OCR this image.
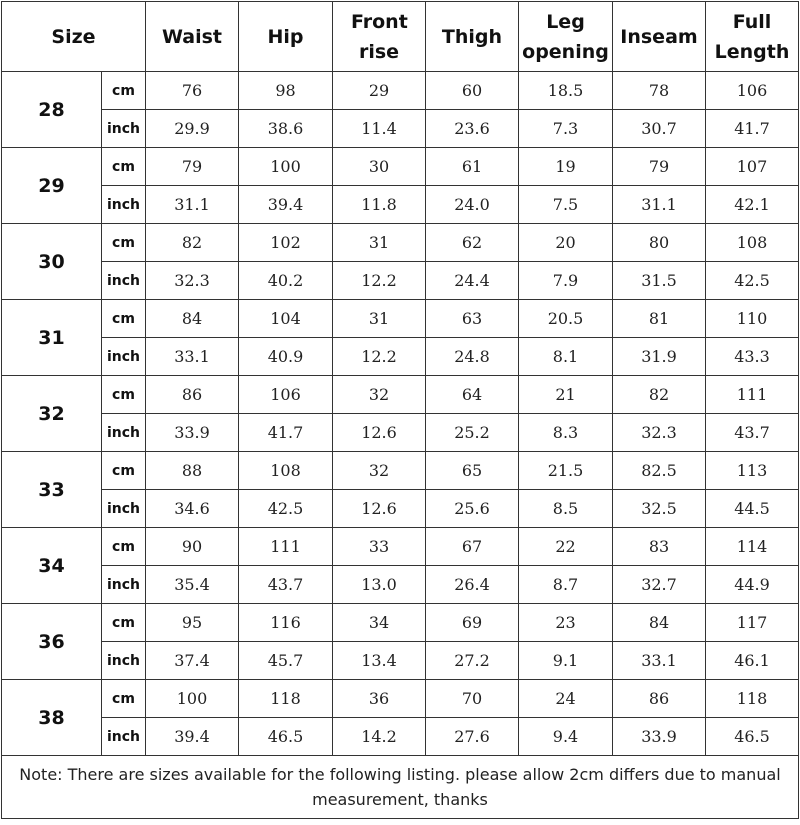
Size		Waist	Hip	Front rise	Thigh	Leg opening	Inseam	Full Length
28	cm	76	98	29	60	18.5	78	106
	inch	29.9	38.6	11.4	23.6	7.3	30.7	41.7
29	cm	79	100	30	61	19	79	107
	inch	31.1	39.4	11.8	24.0	7.5	31.1	42.1
30	cm	82	102	31	62	20	80	108
	inch	32.3	40.2	12.2	24.4	7.9	31.5	42.5
31	cm	84	104	31	63	20.5	81	110
	inch	33.1	40.9	12.2	24.8	8.1	31.9	43.3
32	cm	86	106	32	64	21	82	111
	inch	33.9	41.7	12.6	25.2	8.3	32.3	43.7
33	cm	88	108	32	65	21.5	82.5	113
	inch	34.6	42.5	12.6	25.6	8.5	32.5	44.5
34	cm	90	111	33	67	22	83	114
	inch	35.4	43.7	13.0	26.4	8.7	32.7	44.9
36	cm	95	116	34	69	23	84	117
	inch	37.4	45.7	13.4	27.2	9.1	33.1	46.1
38	cm	100	118	36	70	24	86	118
	inch	39.4	46.5	14.2	27.6	9.4	33.9	46.5
Note: There are sizes available for the following listing. please allow 2cm differs due to manual measurement, thanks								
